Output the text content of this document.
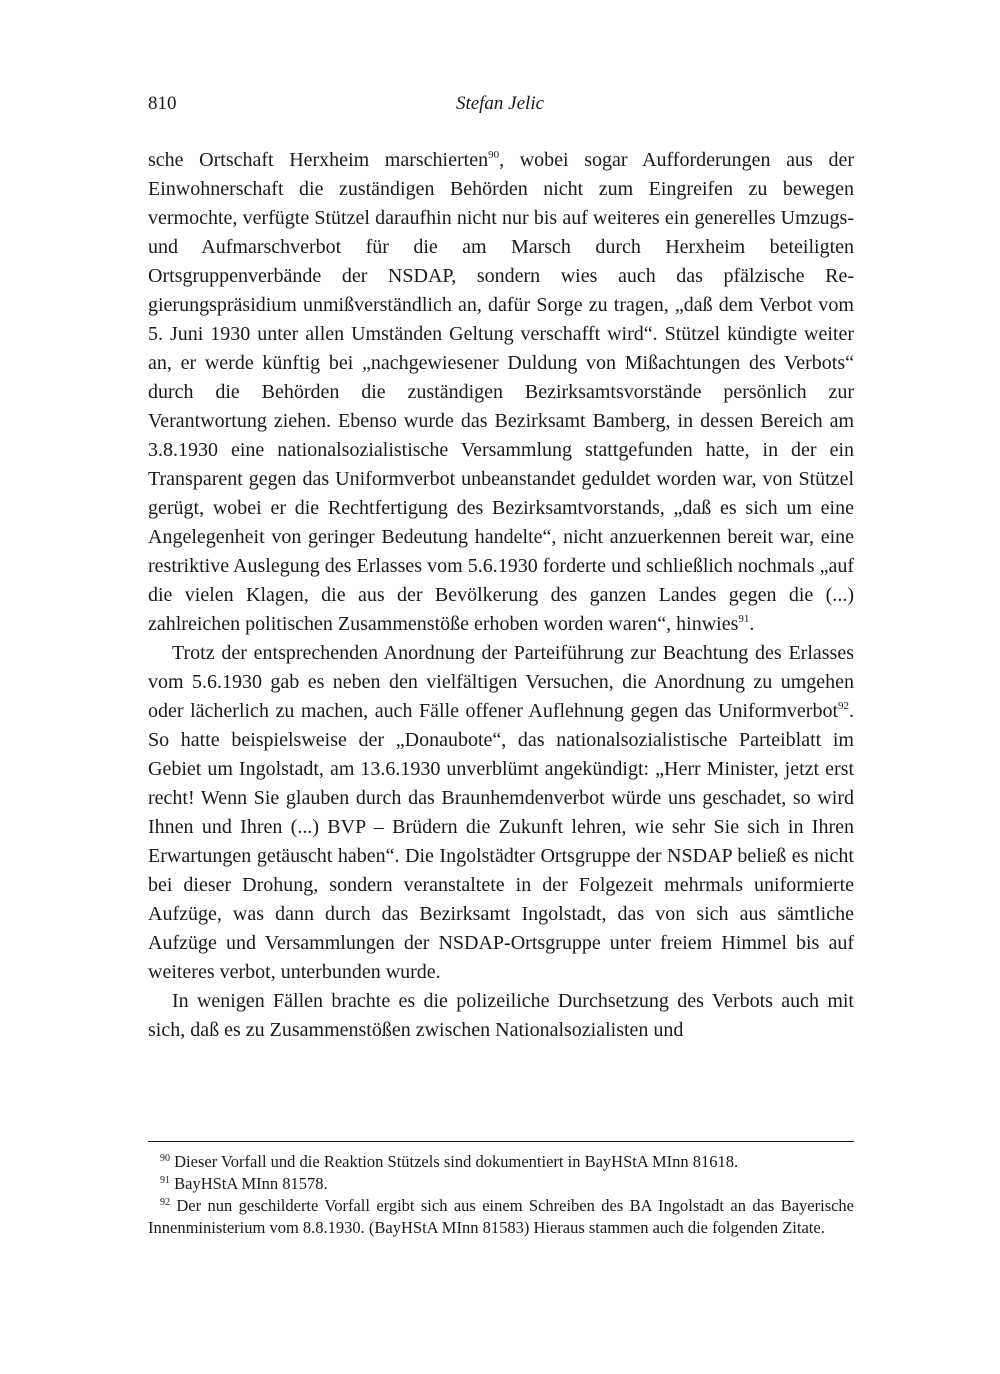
810	Stefan Jelic

sche Ortschaft Herxheim marschierten$^{90}$, wobei sogar Aufforderungen aus der Einwohnerschaft die zuständigen Behörden nicht zum Eingreifen zu bewegen vermochte, verfügte Stützel daraufhin nicht nur bis auf weiteres ein generelles Umzugs- und Aufmarschverbot für die am Marsch durch Herxheim beteiligten Ortsgruppenverbände der NSDAP, sondern wies auch das pfälzische Regierungspräsidium unmißverständlich an, dafür Sorge zu tragen, „daß dem Verbot vom 5. Juni 1930 unter allen Umständen Geltung verschafft wird“. Stützel kündigte weiter an, er werde künftig bei „nachgewiesener Duldung von Mißachtungen des Verbots“ durch die Behörden die zuständigen Bezirksamtsvorstände persönlich zur Verantwortung ziehen. Ebenso wurde das Bezirksamt Bamberg, in dessen Bereich am 3.8.1930 eine nationalsozialistische Versammlung stattgefunden hatte, in der ein Transparent gegen das Uniformverbot unbeanstandet geduldet worden war, von Stützel gerügt, wobei er die Rechtfertigung des Bezirksamtvorstands, „daß es sich um eine Angelegenheit von geringer Bedeutung handelte“, nicht anzuerkennen bereit war, eine restriktive Auslegung des Erlasses vom 5.6.1930 forderte und schließlich nochmals „auf die vielen Klagen, die aus der Bevölkerung des ganzen Landes gegen die (...) zahlreichen politischen Zusammenstöße erhoben worden waren“, hinwies$^{91}$.

Trotz der entsprechenden Anordnung der Parteiführung zur Beachtung des Erlasses vom 5.6.1930 gab es neben den vielfältigen Versuchen, die Anordnung zu umgehen oder lächerlich zu machen, auch Fälle offener Auflehnung gegen das Uniformverbot$^{92}$. So hatte beispielsweise der „Donaubote“, das nationalsozialistische Parteiblatt im Gebiet um Ingolstadt, am 13.6.1930 unverblümt angekündigt: „Herr Minister, jetzt erst recht! Wenn Sie glauben durch das Braunhemdenverbot würde uns geschadet, so wird Ihnen und Ihren (...) BVP – Brüdern die Zukunft lehren, wie sehr Sie sich in Ihren Erwartungen getäuscht haben“. Die Ingolstädter Ortsgruppe der NSDAP beließ es nicht bei dieser Drohung, sondern veranstaltete in der Folgezeit mehrmals uniformierte Aufzüge, was dann durch das Bezirksamt Ingolstadt, das von sich aus sämtliche Aufzüge und Versammlungen der NSDAP-Ortsgruppe unter freiem Himmel bis auf weiteres verbot, unterbunden wurde.

In wenigen Fällen brachte es die polizeiliche Durchsetzung des Verbots auch mit sich, daß es zu Zusammenstößen zwischen Nationalsozialisten und

$^{90}$ Dieser Vorfall und die Reaktion Stützels sind dokumentiert in BayHStA MInn 81618.

$^{91}$ BayHStA MInn 81578.

$^{92}$ Der nun geschilderte Vorfall ergibt sich aus einem Schreiben des BA Ingolstadt an das Bayerische Innenministerium vom 8.8.1930. (BayHStA MInn 81583) Hieraus stammen auch die folgenden Zitate.
